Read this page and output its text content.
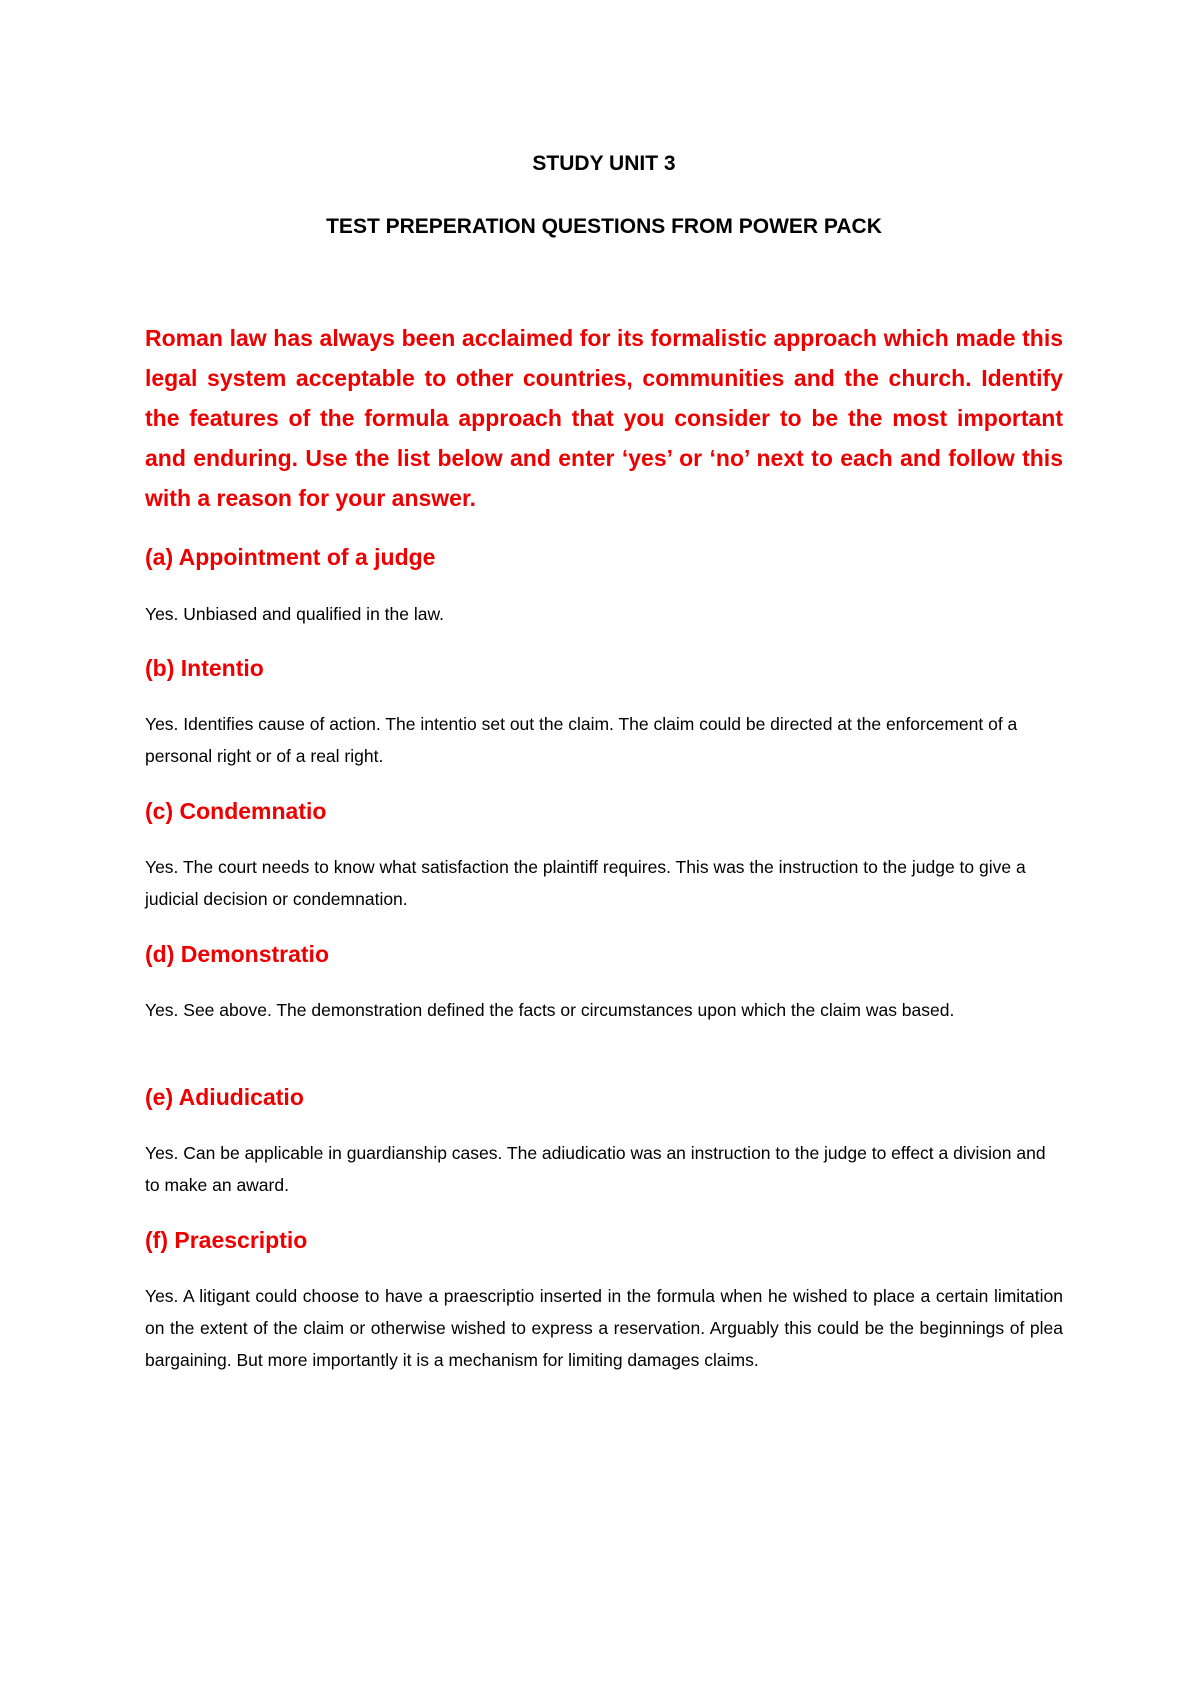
STUDY UNIT 3
TEST PREPERATION QUESTIONS FROM POWER PACK

Roman law has always been acclaimed for its formalistic approach which made this legal system acceptable to other countries, communities and the church. Identify the features of the formula approach that you consider to be the most important and enduring. Use the list below and enter ‘yes’ or ‘no’ next to each and follow this with a reason for your answer.

(a) Appointment of a judge

Yes. Unbiased and qualified in the law.

(b) Intentio

Yes. Identifies cause of action. The intentio set out the claim. The claim could be directed at the enforcement of a personal right or of a real right.

(c) Condemnatio

Yes. The court needs to know what satisfaction the plaintiff requires. This was the instruction to the judge to give a judicial decision or condemnation.

(d) Demonstratio

Yes. See above. The demonstration defined the facts or circumstances upon which the claim was based.

(e) Adiudicatio

Yes. Can be applicable in guardianship cases. The adiudicatio was an instruction to the judge to effect a division and to make an award.

(f) Praescriptio

Yes. A litigant could choose to have a praescriptio inserted in the formula when he wished to place a certain limitation on the extent of the claim or otherwise wished to express a reservation. Arguably this could be the beginnings of plea bargaining. But more importantly it is a mechanism for limiting damages claims.
